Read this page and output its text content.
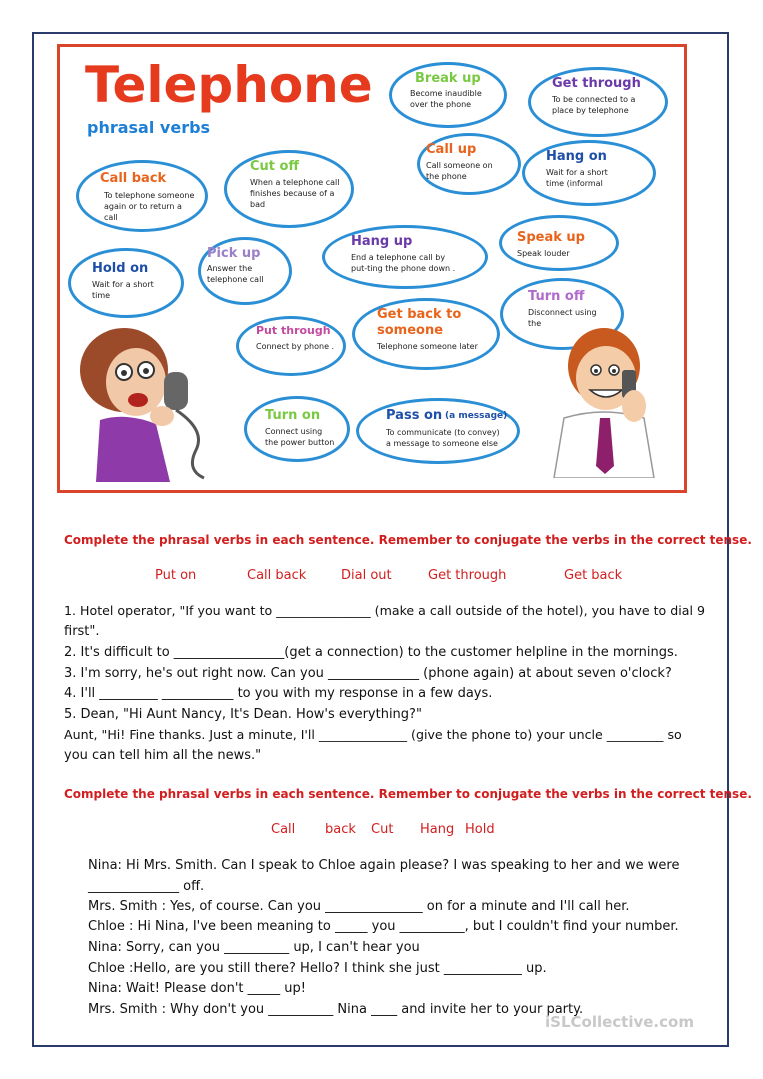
Telephone
phrasal verbs
Break up
Become inaudible over the phone
Get through
To be connected to a place by telephone
Call back
To telephone someone again or to return a call
Cut off
When a telephone call finishes because of a bad
Call up
Call someone on the phone
Hang on
Wait for a short time (informal
Hold on
Wait for a short time
Pick up
Answer the telephone call
Hang up
End a telephone call by put-ting the phone down .
Speak up
Speak louder
Turn off
Disconnect using the
Put through
Connect by phone .
Get back to someone
Telephone someone later
Turn on
Connect using the power button
Pass on (a message)
To communicate (to convey) a message to someone else
Complete the phrasal verbs in each sentence. Remember to conjugate the verbs in the correct tense.
Put on	Call back	Dial out	Get through	Get back
1. Hotel operator, "If you want to _______________ (make a call outside of the hotel), you have to dial 9
first".
2. It's difficult to _________________(get a connection) to the customer helpline in the mornings.
3. I'm sorry, he's out right now. Can you ______________ (phone again) at about seven o'clock?
4. I'll _________ ___________ to you with my response in a few days.
5. Dean, "Hi Aunt Nancy, It's Dean. How's everything?"
Aunt, "Hi! Fine thanks. Just a minute, I'll ______________ (give the phone to) your uncle _________ so
you can tell him all the news."
Complete the phrasal verbs in each sentence. Remember to conjugate the verbs in the correct tense.
Call back Cut Hang Hold
Nina: Hi Mrs. Smith. Can I speak to Chloe again please? I was speaking to her and we were
______________ off.
Mrs. Smith : Yes, of course. Can you _______________ on for a minute and I'll call her.
Chloe : Hi Nina, I've been meaning to _____ you __________, but I couldn't find your number.
Nina: Sorry, can you __________ up, I can't hear you
Chloe :Hello, are you still there? Hello? I think she just ____________ up.
Nina: Wait! Please don't _____ up!
Mrs. Smith : Why don't you __________ Nina ____ and invite her to your party.
iSLCollective.com
